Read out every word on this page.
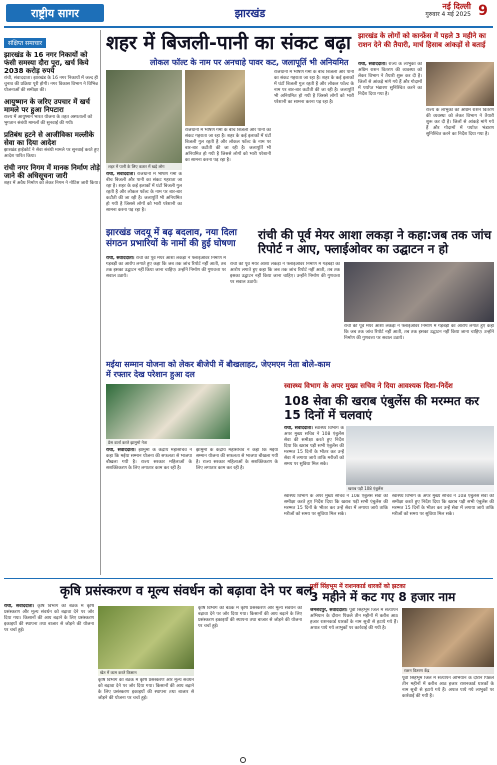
राष्ट्रीय सागर	झारखंड
नई दिल्ली
गुरुवार 4 मई 2025 9
संक्षिप्त समाचार
झारखंड के 16 नगर निकायों को फंसी समस्या दौरा पूरा, खर्च किये 2038 करोड़ रुपये

रांची, संवाददाता। झारखंड के 16 नगर निकायों में जल्द ही चुनाव की प्रक्रिया पूरी होगी। नगर विकास विभाग ने विभिन्न योजनाओं की समीक्षा की।

आयुष्मान के जरिए उपचार में खर्च मामले पर हुआ निपटारा

राज्य में आयुष्मान भारत योजना के तहत अस्पतालों को भुगतान संबंधी मामलों की सुनवाई की गयी।

प्रतिबंध हटने से आजीविका मल्लीके सेवा का दिया आदेश

झारखंड हाईकोर्ट ने सेवा संबंधी मामले पर सुनवाई करते हुए आदेश पारित किया।

रांची नगर निगम में मानक निर्माण तोड़े जाने की अधिसूचना जारी

शहर में अवैध निर्माण को लेकर निगम ने नोटिस जारी किया।

शहर में बिजली-पानी का संकट बढ़ा
लोकल फॉल्ट के नाम पर अनचाहे पावर कट, जलापूर्ति भी अनियमित
शहर में पानी के लिए कतार में खड़े लोग
रांची, संवाददाता। राजधानी में भीषण गर्मी के बीच बिजली और पानी का संकट गहराता जा रहा है। शहर के कई इलाकों में घंटों बिजली गुल रहती है और लोकल फॉल्ट के नाम पर बार-बार कटौती की जा रही है। जलापूर्ति भी अनियमित हो गयी है जिससे लोगों को भारी परेशानी का सामना करना पड़ रहा है।
राजधानी में भीषण गर्मी के बीच बिजली और पानी का संकट गहराता जा रहा है। शहर के कई इलाकों में घंटों बिजली गुल रहती है और लोकल फॉल्ट के नाम पर बार-बार कटौती की जा रही है। जलापूर्ति भी अनियमित हो गयी है जिससे लोगों को भारी परेशानी का सामना करना पड़ रहा है।
राजधानी में भीषण गर्मी के बीच बिजली और पानी का संकट गहराता जा रहा है। शहर के कई इलाकों में घंटों बिजली गुल रहती है और लोकल फॉल्ट के नाम पर बार-बार कटौती की जा रही है। जलापूर्ति भी अनियमित हो गयी है जिससे लोगों को भारी परेशानी का सामना करना पड़ रहा है।
झारखंड के लोगों को कान्फ्रेंस में पहले 3 महीने का राशन देने की तैयारी, मार्च हिसाब आंकड़ों से बताई
रांची, संवाददाता। राज्य के लाभुकों को अग्रिम राशन वितरण की व्यवस्था को लेकर विभाग ने तैयारी शुरू कर दी है। जिलों से आंकड़े मांगे गये हैं और गोदामों में पर्याप्त भंडारण सुनिश्चित करने का निर्देश दिया गया है।
राज्य के लाभुकों को अग्रिम राशन वितरण की व्यवस्था को लेकर विभाग ने तैयारी शुरू कर दी है। जिलों से आंकड़े मांगे गये हैं और गोदामों में पर्याप्त भंडारण सुनिश्चित करने का निर्देश दिया गया है।
झारखंड जदयू में बढ़ बदलाव, नया दिला संगठन प्रभारियों के नामों की हुई घोषणा
रांची की पूर्व मेयर आशा लकड़ा ने कहा:जब तक जांच रिपोर्ट न आए, फ्लाईओवर का उद्घाटन न हो
रांची, संवाददाता। रांची की पूर्व मेयर आशा लकड़ा ने फ्लाईओवर निर्माण में गड़बड़ी का आरोप लगाते हुए कहा कि जब तक जांच रिपोर्ट नहीं आती, तब तक इसका उद्घाटन नहीं किया जाना चाहिए। उन्होंने निर्माण की गुणवत्ता पर सवाल उठाये।
रांची की पूर्व मेयर आशा लकड़ा ने फ्लाईओवर निर्माण में गड़बड़ी का आरोप लगाते हुए कहा कि जब तक जांच रिपोर्ट नहीं आती, तब तक इसका उद्घाटन नहीं किया जाना चाहिए। उन्होंने निर्माण की गुणवत्ता पर सवाल उठाये।
रांची की पूर्व मेयर आशा लकड़ा ने फ्लाईओवर निर्माण में गड़बड़ी का आरोप लगाते हुए कहा कि जब तक जांच रिपोर्ट नहीं आती, तब तक इसका उद्घाटन नहीं किया जाना चाहिए। उन्होंने निर्माण की गुणवत्ता पर सवाल उठाये।
मईया सम्मान योजना को लेकर बीजेपी में बौखलाहट, जेएमएम नेता बोले-काम में रफ्तार देख परेशान हुआ दल
प्रेस वार्ता करते झामुमो नेता
रांची, संवाददाता। झामुमो के केंद्रीय महासचिव ने कहा कि मईया सम्मान योजना की सफलता से भाजपा बौखला गयी है। राज्य सरकार महिलाओं के सशक्तिकरण के लिए लगातार काम कर रही है।
झामुमो के केंद्रीय महासचिव ने कहा कि मईया सम्मान योजना की सफलता से भाजपा बौखला गयी है। राज्य सरकार महिलाओं के सशक्तिकरण के लिए लगातार काम कर रही है।
स्वास्थ्य विभाग के अपर मुख्य सचिव ने दिया आवश्यक दिशा-निर्देश
108 सेवा की खराब एंबुलेंस की मरम्मत कर 15 दिनों में चलवाएं
रांची, संवाददाता। स्वास्थ्य विभाग के अपर मुख्य सचिव ने 108 एंबुलेंस सेवा की समीक्षा करते हुए निर्देश दिया कि खराब पड़ी सभी एंबुलेंस की मरम्मत 15 दिनों के भीतर कर उन्हें सेवा में लगाया जाये ताकि मरीजों को समय पर सुविधा मिल सके।
खराब पड़ी 108 एंबुलेंस
स्वास्थ्य विभाग के अपर मुख्य सचिव ने 108 एंबुलेंस सेवा की समीक्षा करते हुए निर्देश दिया कि खराब पड़ी सभी एंबुलेंस की मरम्मत 15 दिनों के भीतर कर उन्हें सेवा में लगाया जाये ताकि मरीजों को समय पर सुविधा मिल सके।
स्वास्थ्य विभाग के अपर मुख्य सचिव ने 108 एंबुलेंस सेवा की समीक्षा करते हुए निर्देश दिया कि खराब पड़ी सभी एंबुलेंस की मरम्मत 15 दिनों के भीतर कर उन्हें सेवा में लगाया जाये ताकि मरीजों को समय पर सुविधा मिल सके।
कृषि प्रसंस्करण व मूल्य संवर्धन को बढ़ावा देने पर बल
रांची, संवाददाता। कृषि विभाग की बैठक में कृषि प्रसंस्करण और मूल्य संवर्धन को बढ़ावा देने पर जोर दिया गया। किसानों की आय बढ़ाने के लिए प्रसंस्करण इकाइयों की स्थापना तथा बाजार से जोड़ने की योजना पर चर्चा हुई।
खेत में काम करते किसान
कृषि विभाग की बैठक में कृषि प्रसंस्करण और मूल्य संवर्धन को बढ़ावा देने पर जोर दिया गया। किसानों की आय बढ़ाने के लिए प्रसंस्करण इकाइयों की स्थापना तथा बाजार से जोड़ने की योजना पर चर्चा हुई।
कृषि विभाग की बैठक में कृषि प्रसंस्करण और मूल्य संवर्धन को बढ़ावा देने पर जोर दिया गया। किसानों की आय बढ़ाने के लिए प्रसंस्करण इकाइयों की स्थापना तथा बाजार से जोड़ने की योजना पर चर्चा हुई।
पूर्वी सिंहभूम में राशनकार्ड धारकों को झटका
3 महीने में कट गए 8 हजार नाम
जमशेदपुर, संवाददाता। पूर्वी सिंहभूम जिले में सत्यापन अभियान के दौरान पिछले तीन महीनों में करीब आठ हजार राशनकार्ड धारकों के नाम सूची से हटाये गये हैं। अपात्र पाये गये लाभुकों पर कार्रवाई की गयी है।
राशन वितरण केंद्र
पूर्वी सिंहभूम जिले में सत्यापन अभियान के दौरान पिछले तीन महीनों में करीब आठ हजार राशनकार्ड धारकों के नाम सूची से हटाये गये हैं। अपात्र पाये गये लाभुकों पर कार्रवाई की गयी है।
